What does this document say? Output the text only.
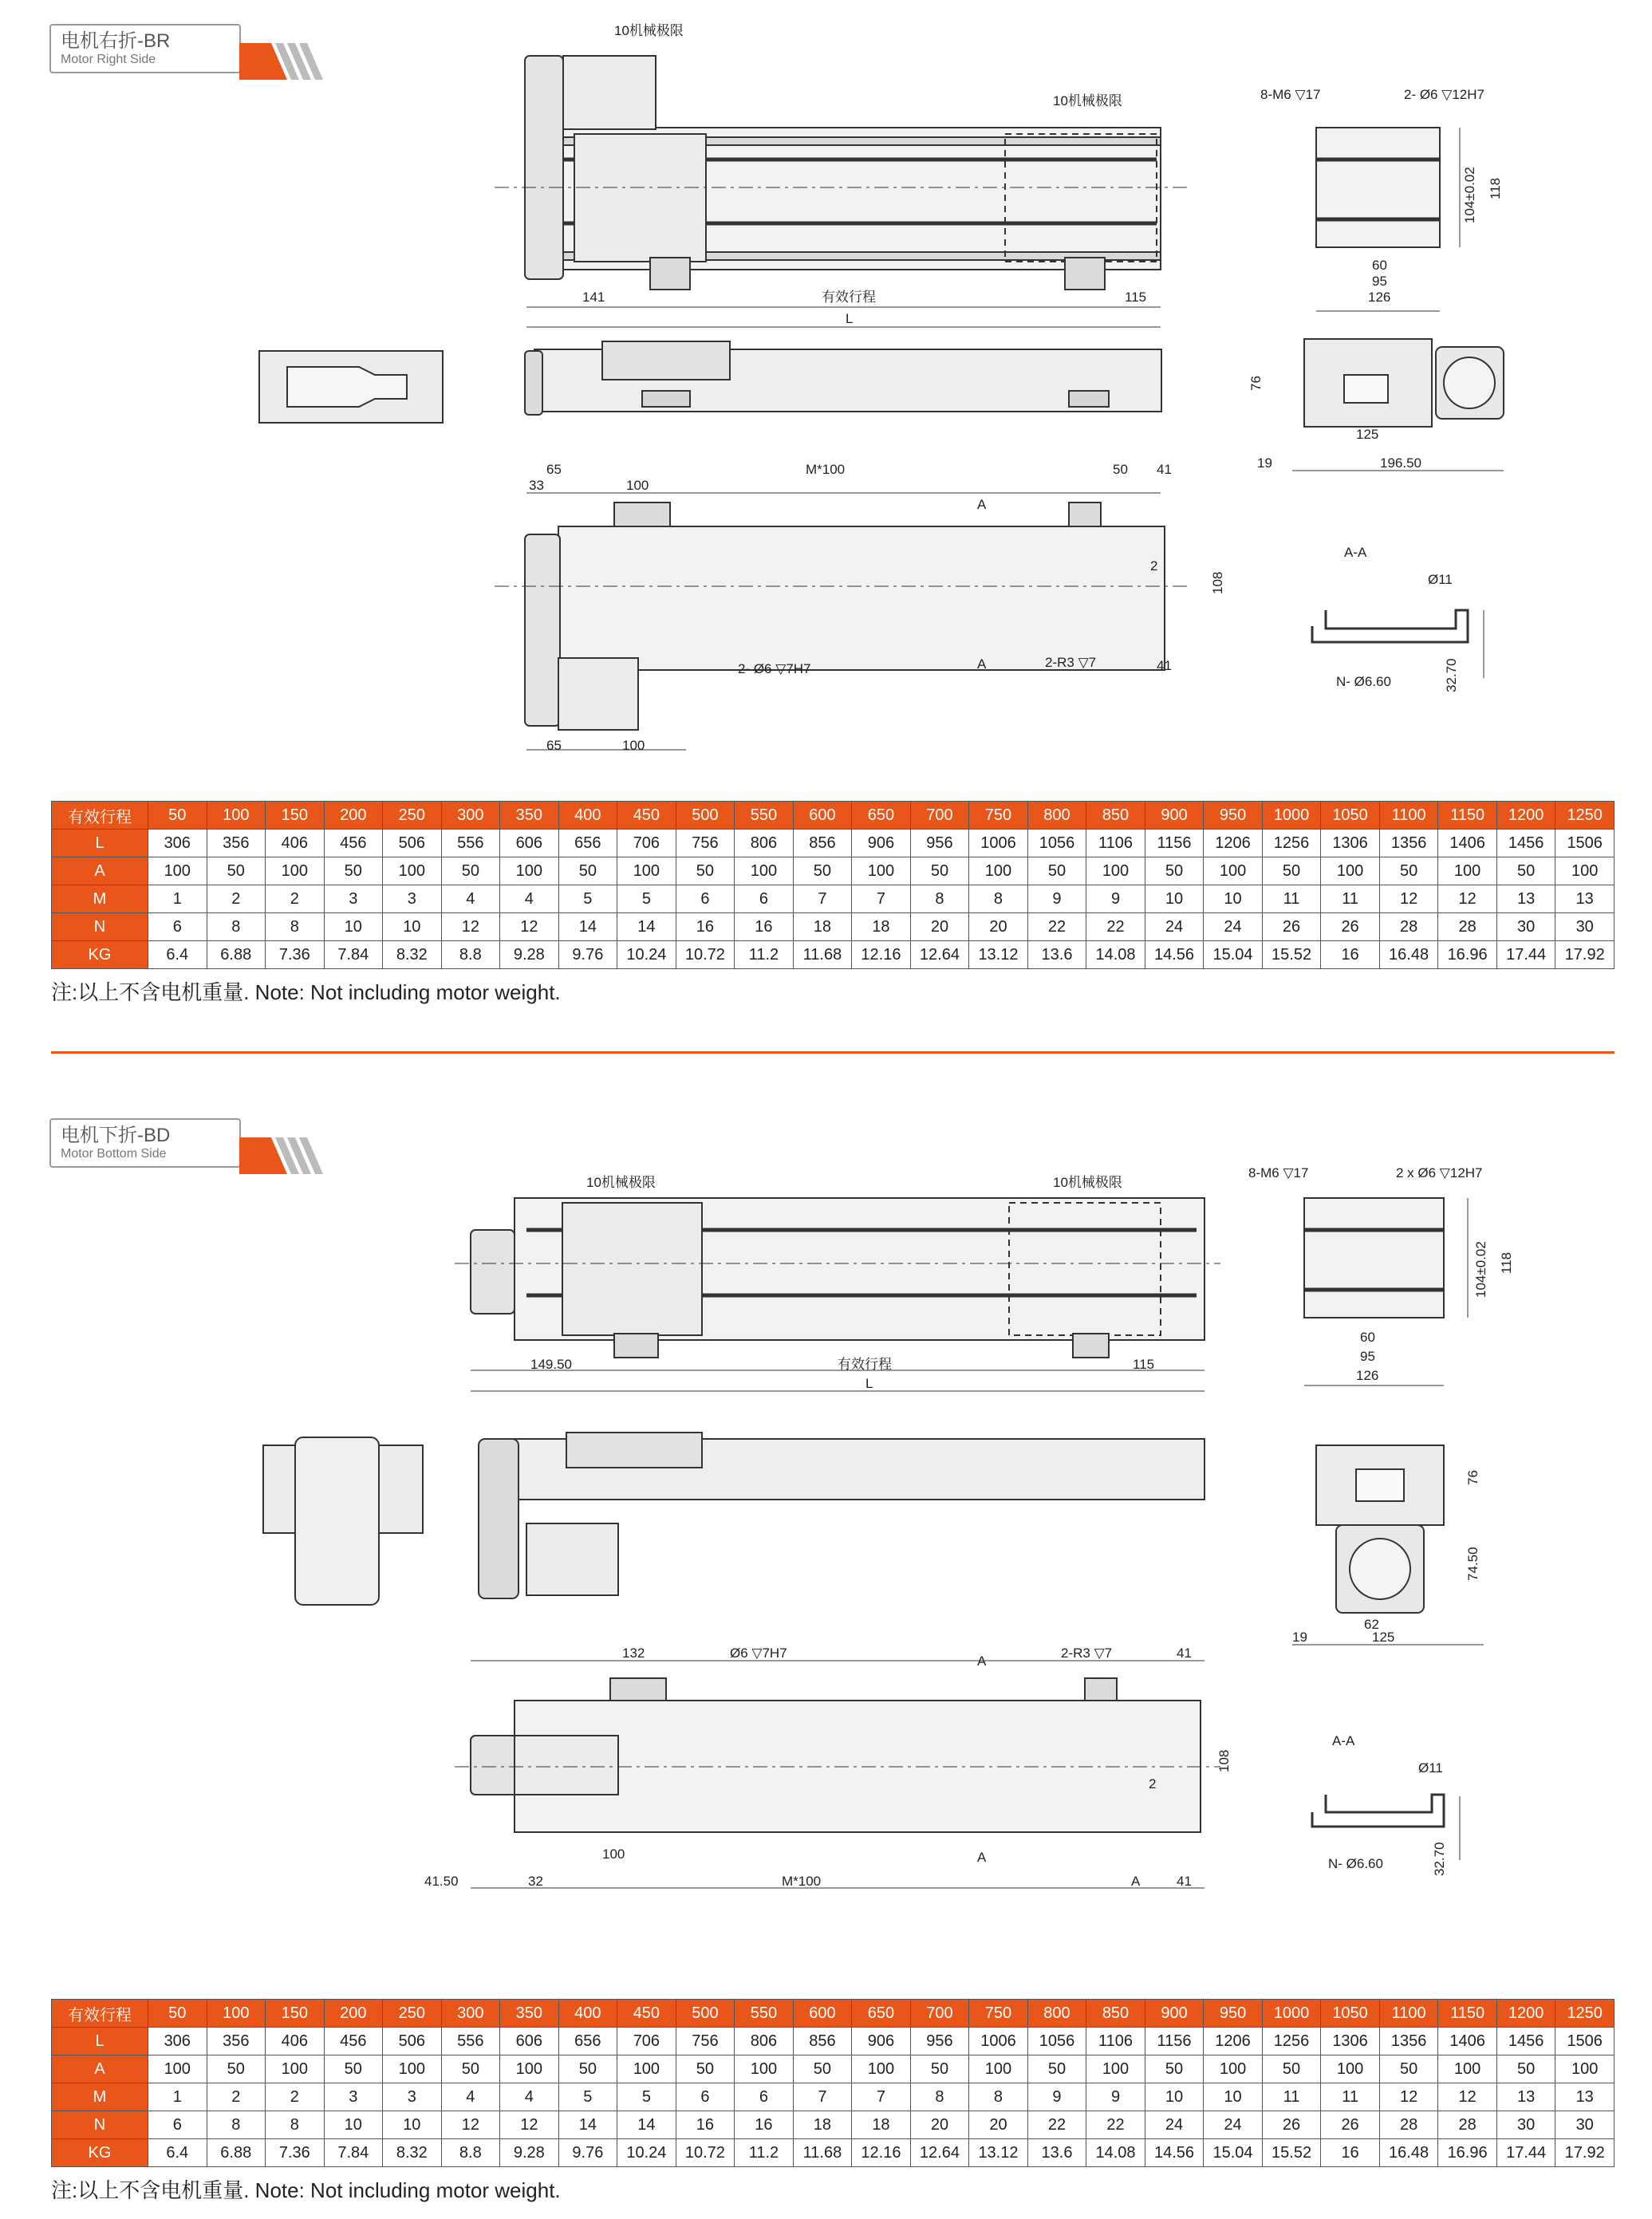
电机右折-BR
Motor Right Side
10机械极限
10机械极限
141	有效行程	115
L
8-M6 ▽17	2- Ø6 ▽12H7
104±0.02 118
60
95
126
76
125
19	196.50
65
33	100
M*100	50 41
A
A
2
108
2- Ø6 ▽7H7	2-R3 ▽7	41
65	100
A-A
Ø11
N- Ø6.60	32.70
有效行程	50	100	150	200	250	300	350	400	450	500	550	600	650	700	750	800	850	900	950	1000	1050	1100	1150	1200	1250
L	306	356	406	456	506	556	606	656	706	756	806	856	906	956	1006	1056	1106	1156	1206	1256	1306	1356	1406	1456	1506
A	100	50	100	50	100	50	100	50	100	50	100	50	100	50	100	50	100	50	100	50	100	50	100	50	100
M	1	2	2	3	3	4	4	5	5	6	6	7	7	8	8	9	9	10	10	11	11	12	12	13	13
N	6	8	8	10	10	12	12	14	14	16	16	18	18	20	20	22	22	24	24	26	26	28	28	30	30
KG	6.4	6.88	7.36	7.84	8.32	8.8	9.28	9.76	10.24	10.72	11.2	11.68	12.16	12.64	13.12	13.6	14.08	14.56	15.04	15.52	16	16.48	16.96	17.44	17.92
注:以上不含电机重量. Note: Not including motor weight.
电机下折-BD
Motor Bottom Side
10机械极限	10机械极限
149.50	有效行程	115
L
8-M6 ▽17	2 x Ø6 ▽12H7
104±0.02 118
60
95
126
76
74.50
62
19	125
132	Ø6 ▽7H7
A
2-R3 ▽7	41
108
2
A
100
41.50	32	M*100	A	41
A-A
Ø11
N- Ø6.60	32.70
有效行程	50	100	150	200	250	300	350	400	450	500	550	600	650	700	750	800	850	900	950	1000	1050	1100	1150	1200	1250
L	306	356	406	456	506	556	606	656	706	756	806	856	906	956	1006	1056	1106	1156	1206	1256	1306	1356	1406	1456	1506
A	100	50	100	50	100	50	100	50	100	50	100	50	100	50	100	50	100	50	100	50	100	50	100	50	100
M	1	2	2	3	3	4	4	5	5	6	6	7	7	8	8	9	9	10	10	11	11	12	12	13	13
N	6	8	8	10	10	12	12	14	14	16	16	18	18	20	20	22	22	24	24	26	26	28	28	30	30
KG	6.4	6.88	7.36	7.84	8.32	8.8	9.28	9.76	10.24	10.72	11.2	11.68	12.16	12.64	13.12	13.6	14.08	14.56	15.04	15.52	16	16.48	16.96	17.44	17.92
注:以上不含电机重量. Note: Not including motor weight.
